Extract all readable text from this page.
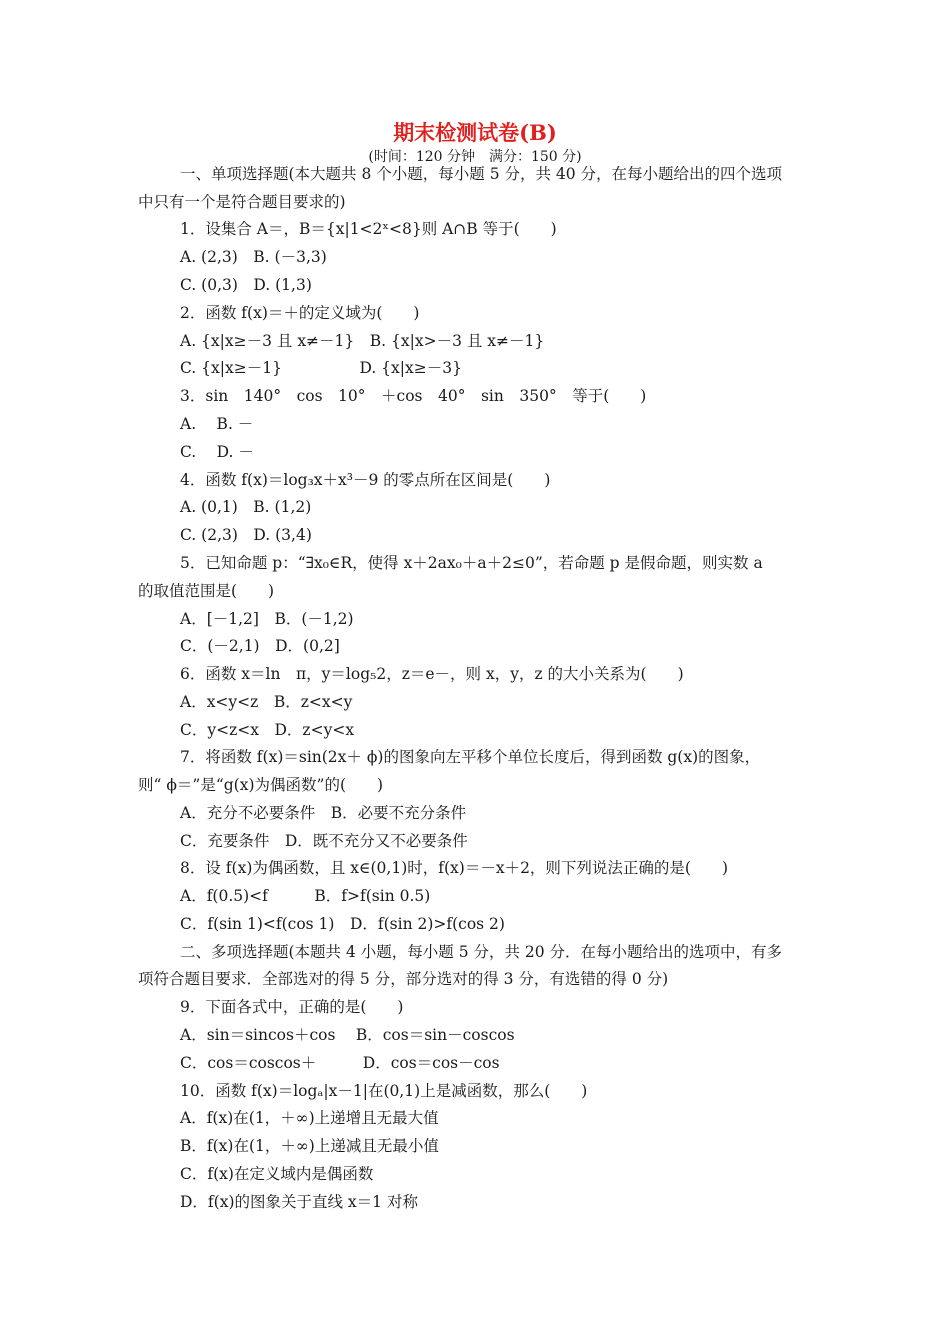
期末检测试卷(B)
(时间：120 分钟　满分：150 分)
一、单项选择题(本大题共 8 个小题，每小题 5 分，共 40 分，在每小题给出的四个选项
中只有一个是符合题目要求的)
1．设集合 A＝，B＝{x|1<2ˣ<8}则 A∩B 等于(　　)
A. (2,3)　B. (－3,3)
C. (0,3)　D. (1,3)
2．函数 f(x)＝＋的定义域为(　　)
A. {x|x≥－3 且 x≠－1}　B. {x|x>－3 且 x≠－1}
C. {x|x≥－1}　　　　　D. {x|x≥－3}
3．sin　140°　cos　10°　＋cos　40°　sin　350°　等于(　　)
A.　 B. －
C.　 D. －
4．函数 f(x)＝log₃x＋x³－9 的零点所在区间是(　　)
A. (0,1)　B. (1,2)
C. (2,3)　D. (3,4)
5．已知命题 p：“∃x₀∈R，使得 x＋2ax₀＋a＋2≤0”，若命题 p 是假命题，则实数 a
的取值范围是(　　)
A．[－1,2]　B．(－1,2)
C．(－2,1)　D．(0,2]
6．函数 x＝ln　π，y＝log₅2，z＝e－，则 x，y，z 的大小关系为(　　)
A．x<y<z　B．z<x<y
C．y<z<x　D．z<y<x
7．将函数 f(x)＝sin(2x＋ ϕ)的图象向左平移个单位长度后，得到函数 g(x)的图象，
则“ ϕ＝”是“g(x)为偶函数”的(　　)
A．充分不必要条件　B．必要不充分条件
C．充要条件　D．既不充分又不必要条件
8．设 f(x)为偶函数，且 x∈(0,1)时，f(x)＝－x＋2，则下列说法正确的是(　　)
A．f(0.5)<f　　　B．f>f(sin 0.5)
C．f(sin 1)<f(cos 1)　D．f(sin 2)>f(cos 2)
二、多项选择题(本题共 4 小题，每小题 5 分，共 20 分．在每小题给出的选项中，有多
项符合题目要求．全部选对的得 5 分，部分选对的得 3 分，有选错的得 0 分)
9．下面各式中，正确的是(　　)
A．sin＝sincos＋cos　 B．cos＝sin－coscos
C．cos＝coscos＋　　　D．cos＝cos－cos
10．函数 f(x)＝logₐ|x－1|在(0,1)上是减函数，那么(　　)
A．f(x)在(1，＋∞)上递增且无最大值
B．f(x)在(1，＋∞)上递减且无最小值
C．f(x)在定义域内是偶函数
D．f(x)的图象关于直线 x＝1 对称
